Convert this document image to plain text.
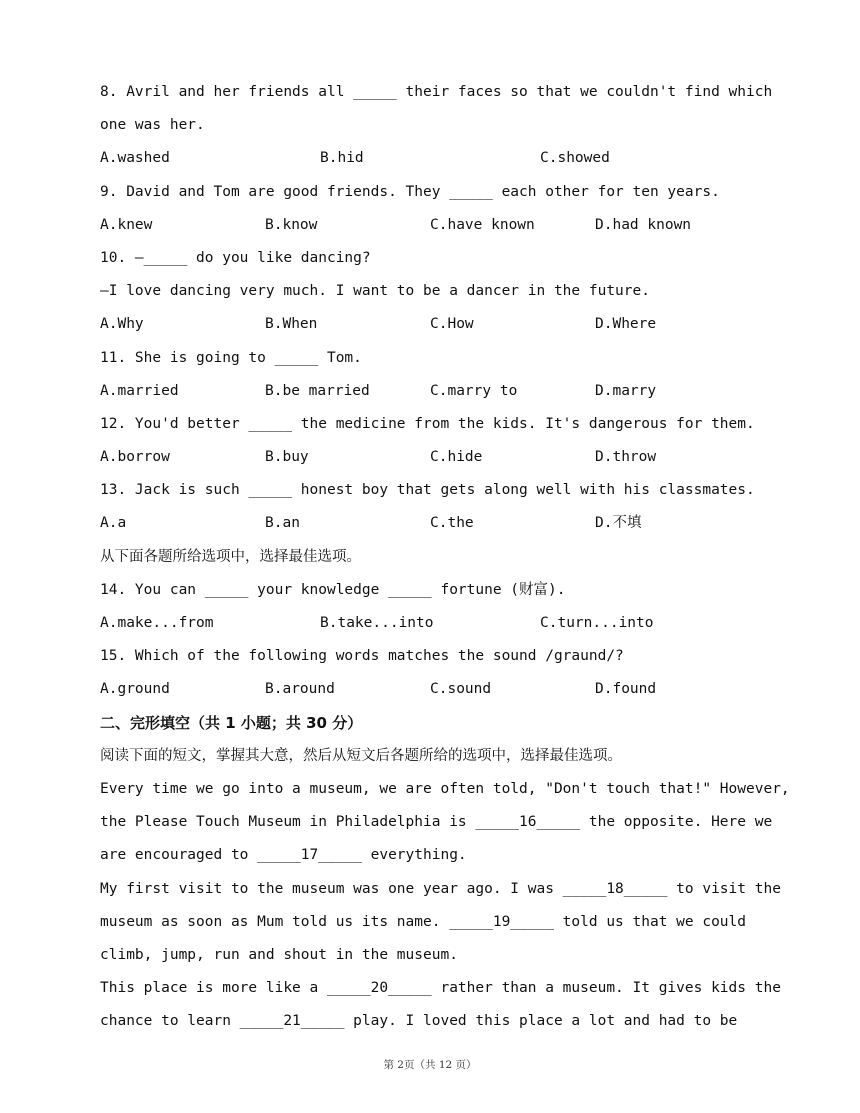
8. Avril and her friends all _____ their faces so that we couldn't find which
one was her.
A.washed	B.hid	C.showed
9. David and Tom are good friends. They _____ each other for ten years.
A.knew	B.know	C.have known	D.had known
10. —_____ do you like dancing?
—I love dancing very much. I want to be a dancer in the future.
A.Why	B.When	C.How	D.Where
11. She is going to _____ Tom.
A.married	B.be married	C.marry to	D.marry
12. You'd better _____ the medicine from the kids. It's dangerous for them.
A.borrow	B.buy	C.hide	D.throw
13. Jack is such _____ honest boy that gets along well with his classmates.
A.a	B.an	C.the	D.不填
从下面各题所给选项中，选择最佳选项。
14. You can _____ your knowledge _____ fortune (财富).
A.make...from	B.take...into	C.turn...into
15. Which of the following words matches the sound /graund/?
A.ground	B.around	C.sound	D.found
二、完形填空（共 1 小题；共 30 分）
阅读下面的短文，掌握其大意，然后从短文后各题所给的选项中，选择最佳选项。
Every time we go into a museum, we are often told, "Don't touch that!" However,
the Please Touch Museum in Philadelphia is _____16_____ the opposite. Here we
are encouraged to _____17_____ everything.
My first visit to the museum was one year ago. I was _____18_____ to visit the
museum as soon as Mum told us its name. _____19_____ told us that we could
climb, jump, run and shout in the museum.
This place is more like a _____20_____ rather than a museum. It gives kids the
chance to learn _____21_____ play. I loved this place a lot and had to be
第 2页（共 12 页）
